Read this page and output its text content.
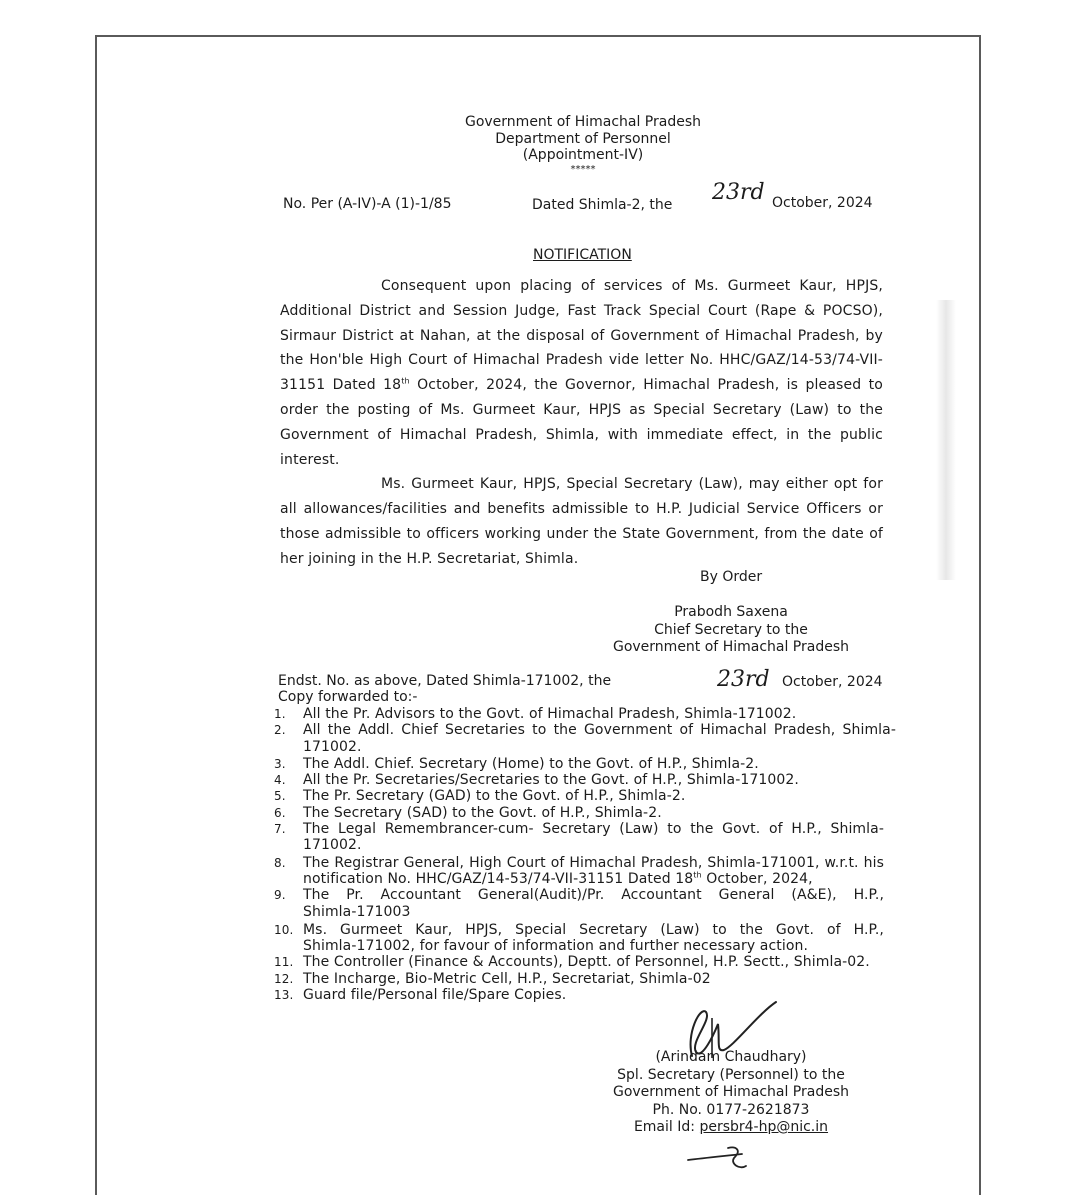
Government of Himachal Pradesh
Department of Personnel
(Appointment-IV)
*****
No. Per (A-IV)-A (1)-1/85	Dated Shimla-2, the 23rd October, 2024
NOTIFICATION

Consequent upon placing of services of Ms. Gurmeet Kaur, HPJS, Additional District and Session Judge, Fast Track Special Court (Rape & POCSO), Sirmaur District at Nahan, at the disposal of Government of Himachal Pradesh, by the Hon'ble High Court of Himachal Pradesh vide letter No. HHC/GAZ/14-53/74-VII-31151 Dated 18th October, 2024, the Governor, Himachal Pradesh, is pleased to order the posting of Ms. Gurmeet Kaur, HPJS as Special Secretary (Law) to the Government of Himachal Pradesh, Shimla, with immediate effect, in the public interest.

Ms. Gurmeet Kaur, HPJS, Special Secretary (Law), may either opt for all allowances/facilities and benefits admissible to H.P. Judicial Service Officers or those admissible to officers working under the State Government, from the date of her joining in the H.P. Secretariat, Shimla.

By Order
Prabodh Saxena
Chief Secretary to the
Government of Himachal Pradesh
Endst. No. as above, Dated Shimla-171002, the	23rd October, 2024
Copy forwarded to:-
1.	All the Pr. Advisors to the Govt. of Himachal Pradesh, Shimla-171002.
2.	All the Addl. Chief Secretaries to the Government of Himachal Pradesh, Shimla-
171002.
3.	The Addl. Chief. Secretary (Home) to the Govt. of H.P., Shimla-2.
4.	All the Pr. Secretaries/Secretaries to the Govt. of H.P., Shimla-171002.
5.	The Pr. Secretary (GAD) to the Govt. of H.P., Shimla-2.
6.	The Secretary (SAD) to the Govt. of H.P., Shimla-2.
7.	The Legal Remembrancer-cum- Secretary (Law) to the Govt. of H.P., Shimla-
171002.
8.	The Registrar General, High Court of Himachal Pradesh, Shimla-171001, w.r.t. his
notification No. HHC/GAZ/14-53/74-VII-31151 Dated 18th October, 2024,
9.	The Pr. Accountant General(Audit)/Pr. Accountant General (A&E), H.P.,
Shimla-171003
10. Ms. Gurmeet Kaur, HPJS, Special Secretary (Law) to the Govt. of H.P.,
Shimla-171002, for favour of information and further necessary action.
11. The Controller (Finance & Accounts), Deptt. of Personnel, H.P. Sectt., Shimla-02.
12. The Incharge, Bio-Metric Cell, H.P., Secretariat, Shimla-02
13. Guard file/Personal file/Spare Copies.
(Arindam Chaudhary)
Spl. Secretary (Personnel) to the
Government of Himachal Pradesh
Ph. No. 0177-2621873
Email Id: persbr4-hp@nic.in
